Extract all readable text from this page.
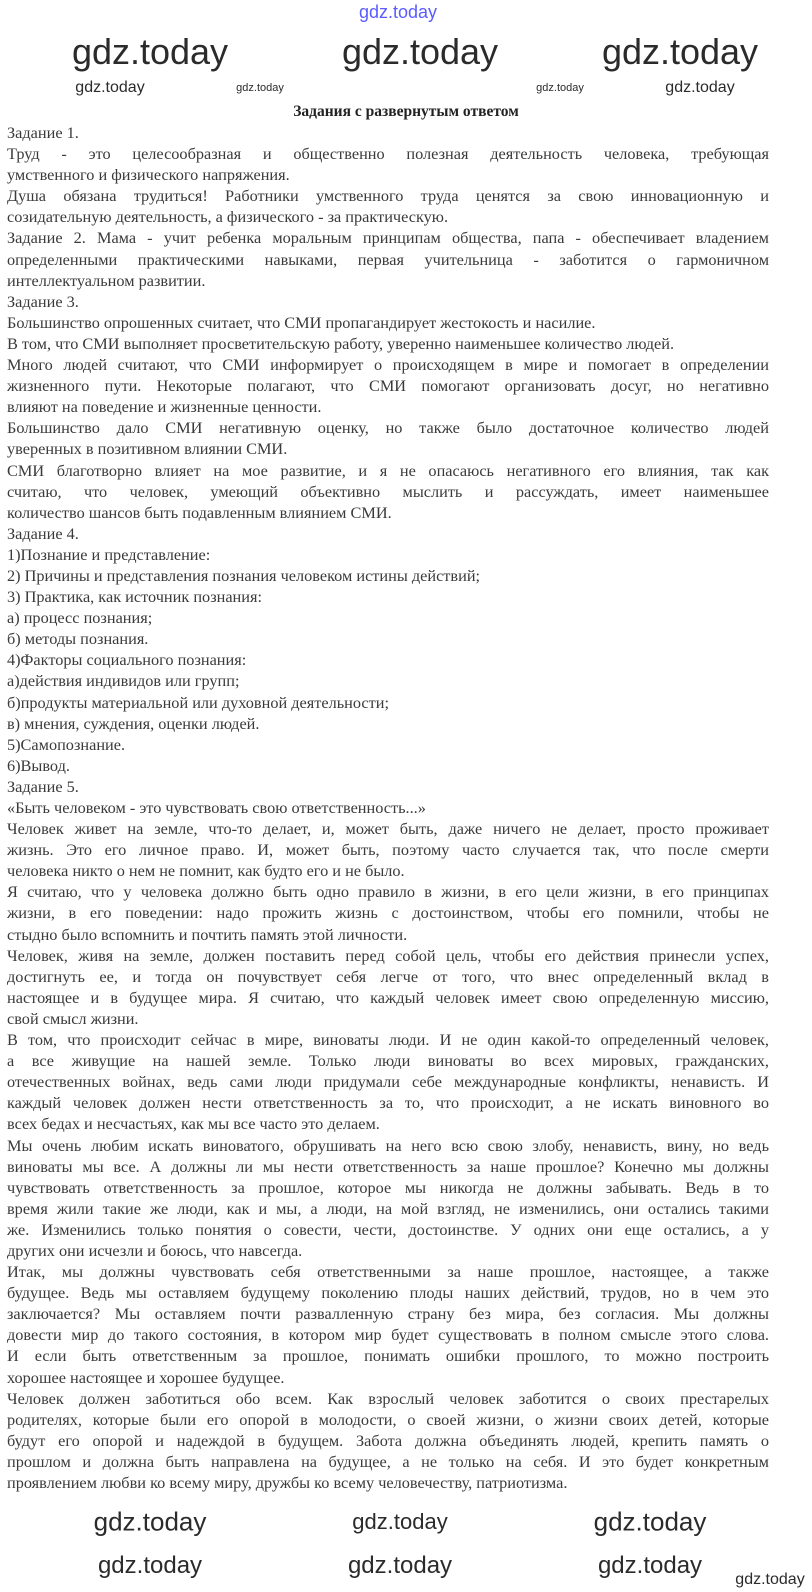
gdz.today
gdz.today	gdz.today	gdz.today
gdz.today	gdz.today	gdz.today	gdz.today
Задания с развернутым ответом
Задание 1.
Труд - это целесообразная и общественно полезная деятельность человека, требующая
умственного и физического напряжения.
Душа обязана трудиться! Работники умственного труда ценятся за свою инновационную и
созидательную деятельность, а физического - за практическую.
Задание 2. Мама - учит ребенка моральным принципам общества, папа - обеспечивает владением
определенными практическими навыками, первая учительница - заботится о гармоничном
интеллектуальном развитии.
Задание 3.
Большинство опрошенных считает, что СМИ пропагандирует жестокость и насилие.
В том, что СМИ выполняет просветительскую работу, уверенно наименьшее количество людей.
Много людей считают, что СМИ информирует о происходящем в мире и помогает в определении
жизненного пути. Некоторые полагают, что СМИ помогают организовать досуг, но негативно
влияют на поведение и жизненные ценности.
Большинство дало СМИ негативную оценку, но также было достаточное количество людей
уверенных в позитивном влиянии СМИ.
СМИ благотворно влияет на мое развитие, и я не опасаюсь негативного его влияния, так как
считаю, что человек, умеющий объективно мыслить и рассуждать, имеет наименьшее
количество шансов быть подавленным влиянием СМИ.
Задание 4.
1)Познание и представление:
2) Причины и представления познания человеком истины действий;
3) Практика, как источник познания:
а) процесс познания;
б) методы познания.
4)Факторы социального познания:
а)действия индивидов или групп;
б)продукты материальной или духовной деятельности;
в) мнения, суждения, оценки людей.
5)Самопознание.
6)Вывод.
Задание 5.
«Быть человеком - это чувствовать свою ответственность...»
Человек живет на земле, что-то делает, и, может быть, даже ничего не делает, просто проживает
жизнь. Это его личное право. И, может быть, поэтому часто случается так, что после смерти
человека никто о нем не помнит, как будто его и не было.
Я считаю, что у человека должно быть одно правило в жизни, в его цели жизни, в его принципах
жизни, в его поведении: надо прожить жизнь с достоинством, чтобы его помнили, чтобы не
стыдно было вспомнить и почтить память этой личности.
Человек, живя на земле, должен поставить перед собой цель, чтобы его действия принесли успех,
достигнуть ее, и тогда он почувствует себя легче от того, что внес определенный вклад в
настоящее и в будущее мира. Я считаю, что каждый человек имеет свою определенную миссию,
свой смысл жизни.
В том, что происходит сейчас в мире, виноваты люди. И не один какой-то определенный человек,
а все живущие на нашей земле. Только люди виноваты во всех мировых, гражданских,
отечественных войнах, ведь сами люди придумали себе международные конфликты, ненависть. И
каждый человек должен нести ответственность за то, что происходит, а не искать виновного во
всех бедах и несчастьях, как мы все часто это делаем.
Мы очень любим искать виноватого, обрушивать на него всю свою злобу, ненависть, вину, но ведь
виноваты мы все. А должны ли мы нести ответственность за наше прошлое? Конечно мы должны
чувствовать ответственность за прошлое, которое мы никогда не должны забывать. Ведь в то
время жили такие же люди, как и мы, а люди, на мой взгляд, не изменились, они остались такими
же. Изменились только понятия о совести, чести, достоинстве. У одних они еще остались, а у
других они исчезли и боюсь, что навсегда.
Итак, мы должны чувствовать себя ответственными за наше прошлое, настоящее, а также
будущее. Ведь мы оставляем будущему поколению плоды наших действий, трудов, но в чем это
заключается? Мы оставляем почти развалленную страну без мира, без согласия. Мы должны
довести мир до такого состояния, в котором мир будет существовать в полном смысле этого слова.
И если быть ответственным за прошлое, понимать ошибки прошлого, то можно построить
хорошее настоящее и хорошее будущее.
Человек должен заботиться обо всем. Как взрослый человек заботится о своих престарелых
родителях, которые были его опорой в молодости, о своей жизни, о жизни своих детей, которые
будут его опорой и надеждой в будущем. Забота должна объединять людей, крепить память о
прошлом и должна быть направлена на будущее, а не только на себя. И это будет конкретным
проявлением любви ко всему миру, дружбы ко всему человечеству, патриотизма.
gdz.today	gdz.today	gdz.today
gdz.today	gdz.today	gdz.today
gdz.today
